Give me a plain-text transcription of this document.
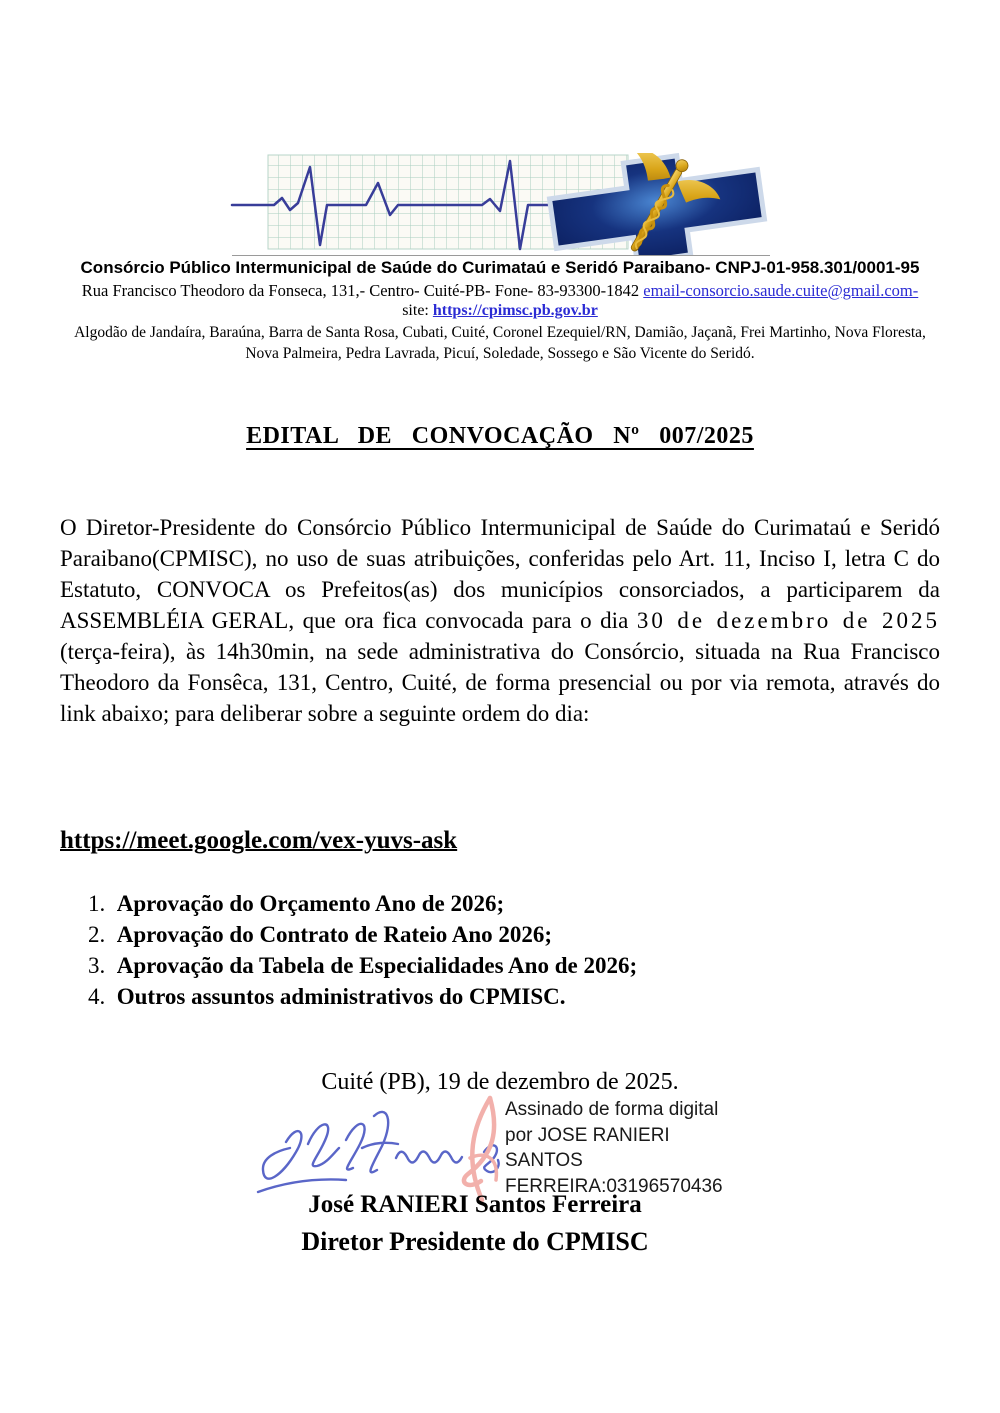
Consórcio Público Intermunicipal de Saúde do Curimataú e Seridó Paraibano- CNPJ-01-958.301/0001-95
Rua Francisco Theodoro da Fonseca, 131,- Centro- Cuité-PB- Fone- 83-93300-1842 email-consorcio.saude.cuite@gmail.com-
site: https://cpimsc.pb.gov.br
Algodão de Jandaíra, Baraúna, Barra de Santa Rosa, Cubati, Cuité, Coronel Ezequiel/RN, Damião, Jaçanã, Frei Martinho, Nova Floresta,
Nova Palmeira, Pedra Lavrada, Picuí, Soledade, Sossego e São Vicente do Seridó.
EDITAL DE CONVOCAÇÃO Nº 007/2025
O Diretor-Presidente do Consórcio Público Intermunicipal de Saúde do Curimataú e Seridó Paraibano(CPMISC), no uso de suas atribuições, conferidas pelo Art. 11, Inciso I, letra C do Estatuto, CONVOCA os Prefeitos(as) dos municípios consorciados, a participarem da ASSEMBLÉIA GERAL, que ora fica convocada para o dia 30 de dezembro de 2025 (terça-feira), às 14h30min, na sede administrativa do Consórcio, situada na Rua Francisco Theodoro da Fonsêca, 131, Centro, Cuité, de forma presencial ou por via remota, através do link abaixo; para deliberar sobre a seguinte ordem do dia:
https://meet.google.com/vex-yuvs-ask
Aprovação do Orçamento Ano de 2026;
Aprovação do Contrato de Rateio Ano 2026;
Aprovação da Tabela de Especialidades Ano de 2026;
Outros assuntos administrativos do CPMISC.
Cuité (PB), 19 de dezembro de 2025.
Assinado de forma digital
por JOSE RANIERI
SANTOS
FERREIRA:03196570436
José RANIERI Santos Ferreira
Diretor Presidente do CPMISC
